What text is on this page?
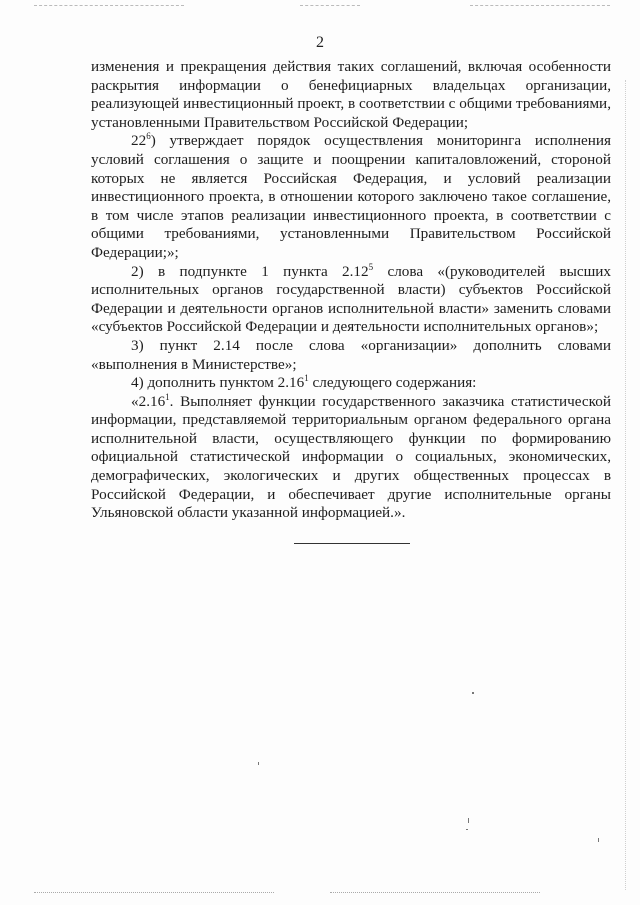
2

изменения и прекращения действия таких соглашений, включая особенности раскрытия информации о бенефициарных владельцах организации, реализующей инвестиционный проект, в соответствии с общими требованиями, установленными Правительством Российской Федерации;

$22^6$) утверждает порядок осуществления мониторинга исполнения условий соглашения о защите и поощрении капиталовложений, стороной которых не является Российская Федерация, и условий реализации инвестиционного проекта, в отношении которого заключено такое соглашение, в том числе этапов реализации инвестиционного проекта, в соответствии с общими требованиями, установленными Правительством Российской Федерации;»;

2) в подпункте 1 пункта 2.12$^5$ слова «(руководителей высших исполнительных органов государственной власти) субъектов Российской Федерации и деятельности органов исполнительной власти» заменить словами «субъектов Российской Федерации и деятельности исполнительных органов»;

3) пункт 2.14 после слова «организации» дополнить словами «выполнения в Министерстве»;

4) дополнить пунктом 2.16$^1$ следующего содержания:

«2.16$^1$. Выполняет функции государственного заказчика статистической информации, представляемой территориальным органом федерального органа исполнительной власти, осуществляющего функции по формированию официальной статистической информации о социальных, экономических, демографических, экологических и других общественных процессах в Российской Федерации, и обеспечивает другие исполнительные органы Ульяновской области указанной информацией.».
